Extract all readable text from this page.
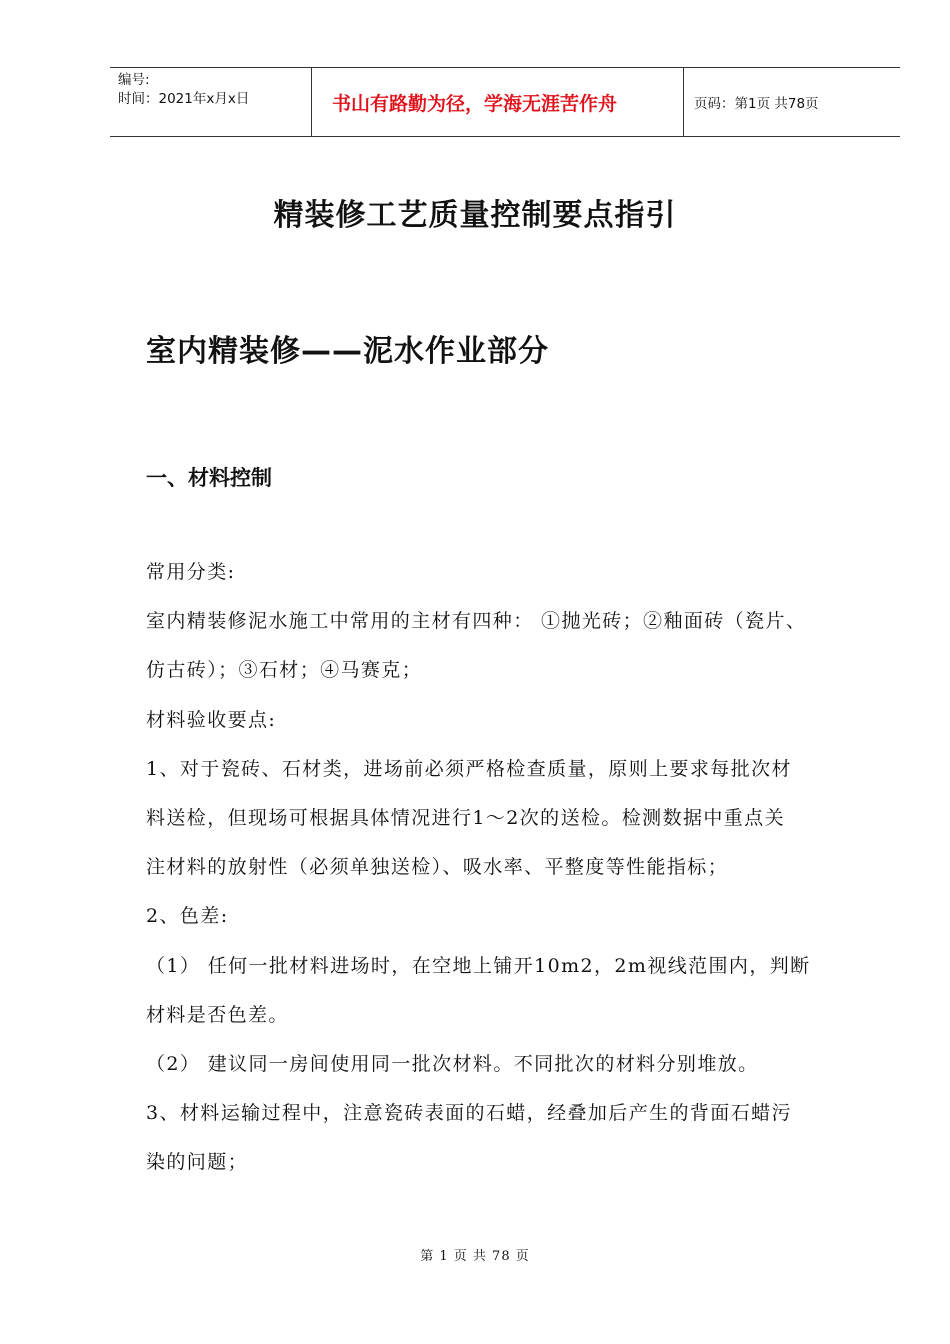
编号:
时间：2021年x月x日	书山有路勤为径，学海无涯苦作舟	页码：第1页 共78页
精装修工艺质量控制要点指引
室内精装修——泥水作业部分
一、材料控制
常用分类:
室内精装修泥水施工中常用的主材有四种： ①抛光砖；②釉面砖（瓷片、
仿古砖）；③石材；④马赛克；
材料验收要点:
1、对于瓷砖、石材类，进场前必须严格检查质量，原则上要求每批次材
料送检，但现场可根据具体情况进行1～2次的送检。检测数据中重点关
注材料的放射性（必须单独送检）、吸水率、平整度等性能指标；
2、色差:
（1） 任何一批材料进场时，在空地上铺开10m2，2m视线范围内，判断
材料是否色差。
（2） 建议同一房间使用同一批次材料。不同批次的材料分别堆放。
3、材料运输过程中，注意瓷砖表面的石蜡，经叠加后产生的背面石蜡污
染的问题；
第 1 页 共 78 页
